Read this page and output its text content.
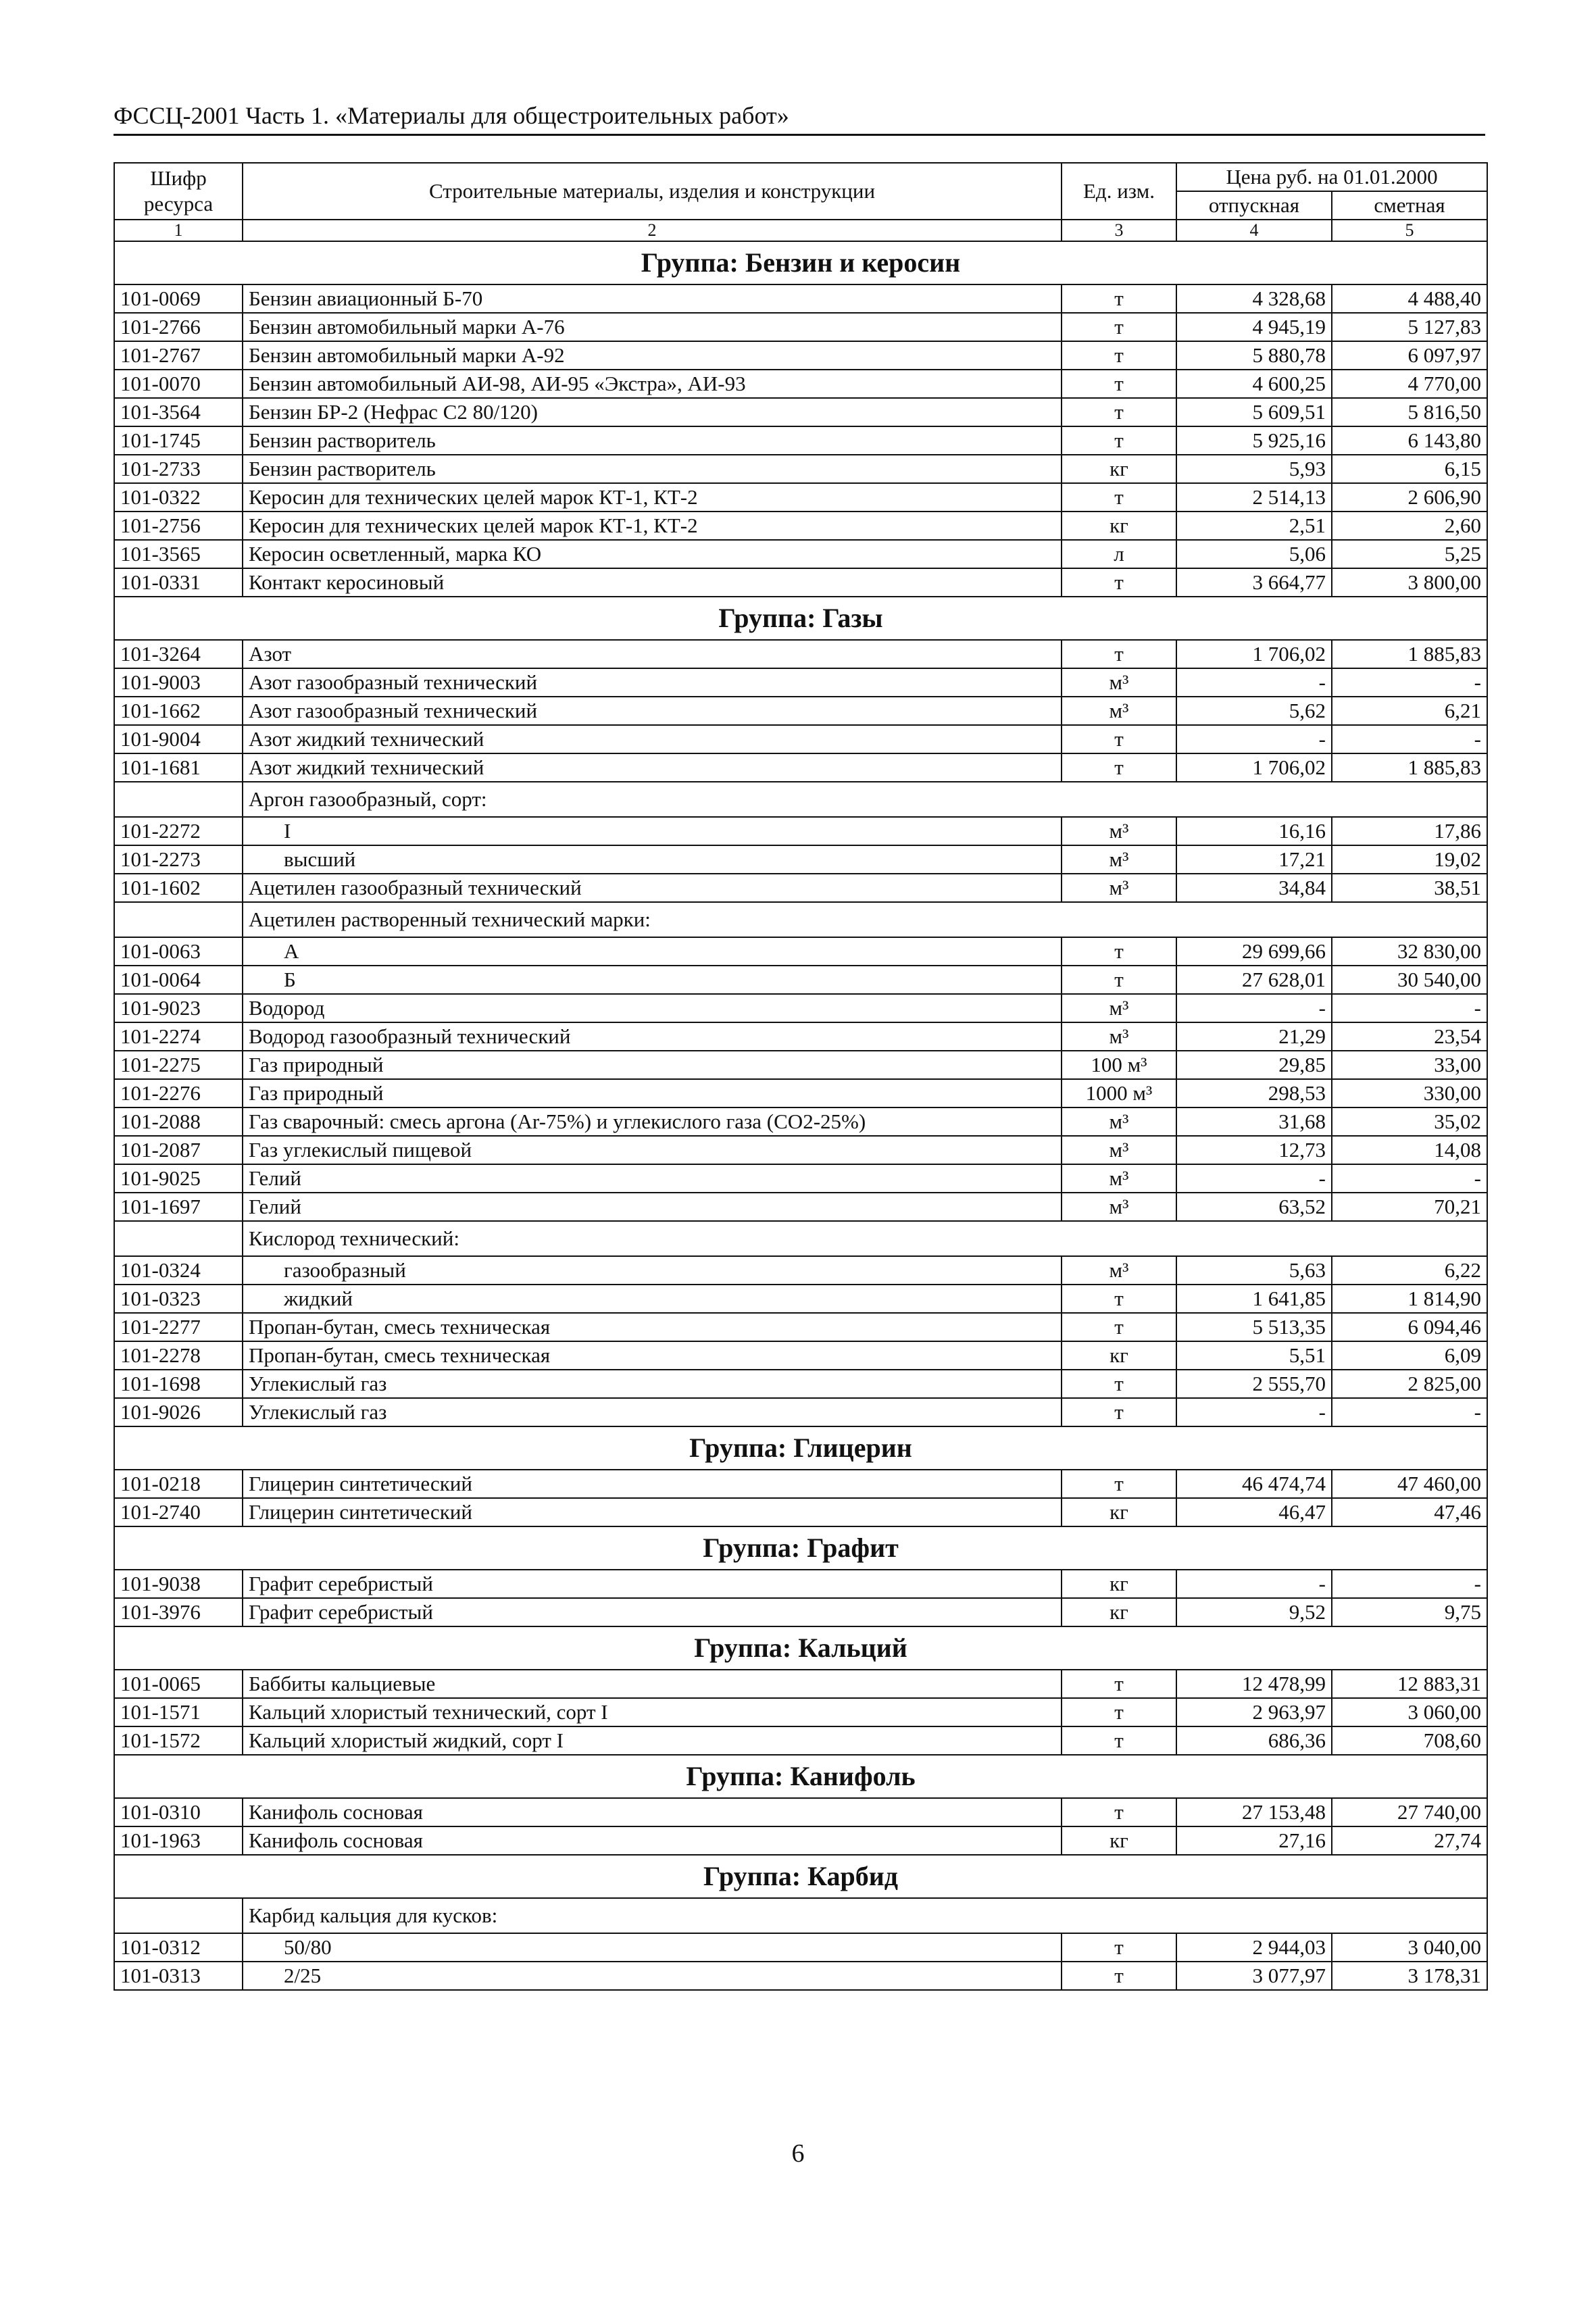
ФССЦ-2001 Часть 1. «Материалы для общестроительных работ»
Шифр ресурса	Строительные материалы, изделия и конструкции	Ед. изм.	Цена руб. на 01.01.2000	
			отпускная	сметная
1	2	3	4	5
Группа: Бензин и керосин				
101-0069	Бензин авиационный Б-70	т	4 328,68	4 488,40
101-2766	Бензин автомобильный марки А-76	т	4 945,19	5 127,83
101-2767	Бензин автомобильный марки А-92	т	5 880,78	6 097,97
101-0070	Бензин автомобильный АИ-98, АИ-95 «Экстра», АИ-93	т	4 600,25	4 770,00
101-3564	Бензин БР-2 (Нефрас С2 80/120)	т	5 609,51	5 816,50
101-1745	Бензин растворитель	т	5 925,16	6 143,80
101-2733	Бензин растворитель	кг	5,93	6,15
101-0322	Керосин для технических целей марок КТ-1, КТ-2	т	2 514,13	2 606,90
101-2756	Керосин для технических целей марок КТ-1, КТ-2	кг	2,51	2,60
101-3565	Керосин осветленный, марка КО	л	5,06	5,25
101-0331	Контакт керосиновый	т	3 664,77	3 800,00
Группа: Газы				
101-3264	Азот	т	1 706,02	1 885,83
101-9003	Азот газообразный технический	м³	-	-
101-1662	Азот газообразный технический	м³	5,62	6,21
101-9004	Азот жидкий технический	т	-	-
101-1681	Азот жидкий технический	т	1 706,02	1 885,83
	Аргон газообразный, сорт:			
101-2272	I	м³	16,16	17,86
101-2273	высший	м³	17,21	19,02
101-1602	Ацетилен газообразный технический	м³	34,84	38,51
	Ацетилен растворенный технический марки:			
101-0063	А	т	29 699,66	32 830,00
101-0064	Б	т	27 628,01	30 540,00
101-9023	Водород	м³	-	-
101-2274	Водород газообразный технический	м³	21,29	23,54
101-2275	Газ природный	100 м³	29,85	33,00
101-2276	Газ природный	1000 м³	298,53	330,00
101-2088	Газ сварочный: смесь аргона (Ar-75%) и углекислого газа (СО2-25%)	м³	31,68	35,02
101-2087	Газ углекислый пищевой	м³	12,73	14,08
101-9025	Гелий	м³	-	-
101-1697	Гелий	м³	63,52	70,21
	Кислород технический:			
101-0324	газообразный	м³	5,63	6,22
101-0323	жидкий	т	1 641,85	1 814,90
101-2277	Пропан-бутан, смесь техническая	т	5 513,35	6 094,46
101-2278	Пропан-бутан, смесь техническая	кг	5,51	6,09
101-1698	Углекислый газ	т	2 555,70	2 825,00
101-9026	Углекислый газ	т	-	-
Группа: Глицерин				
101-0218	Глицерин синтетический	т	46 474,74	47 460,00
101-2740	Глицерин синтетический	кг	46,47	47,46
Группа: Графит				
101-9038	Графит серебристый	кг	-	-
101-3976	Графит серебристый	кг	9,52	9,75
Группа: Кальций				
101-0065	Баббиты кальциевые	т	12 478,99	12 883,31
101-1571	Кальций хлористый технический, сорт I	т	2 963,97	3 060,00
101-1572	Кальций хлористый жидкий, сорт I	т	686,36	708,60
Группа: Канифоль				
101-0310	Канифоль сосновая	т	27 153,48	27 740,00
101-1963	Канифоль сосновая	кг	27,16	27,74
Группа: Карбид				
	Карбид кальция для кусков:			
101-0312	50/80	т	2 944,03	3 040,00
101-0313	2/25	т	3 077,97	3 178,31
6
